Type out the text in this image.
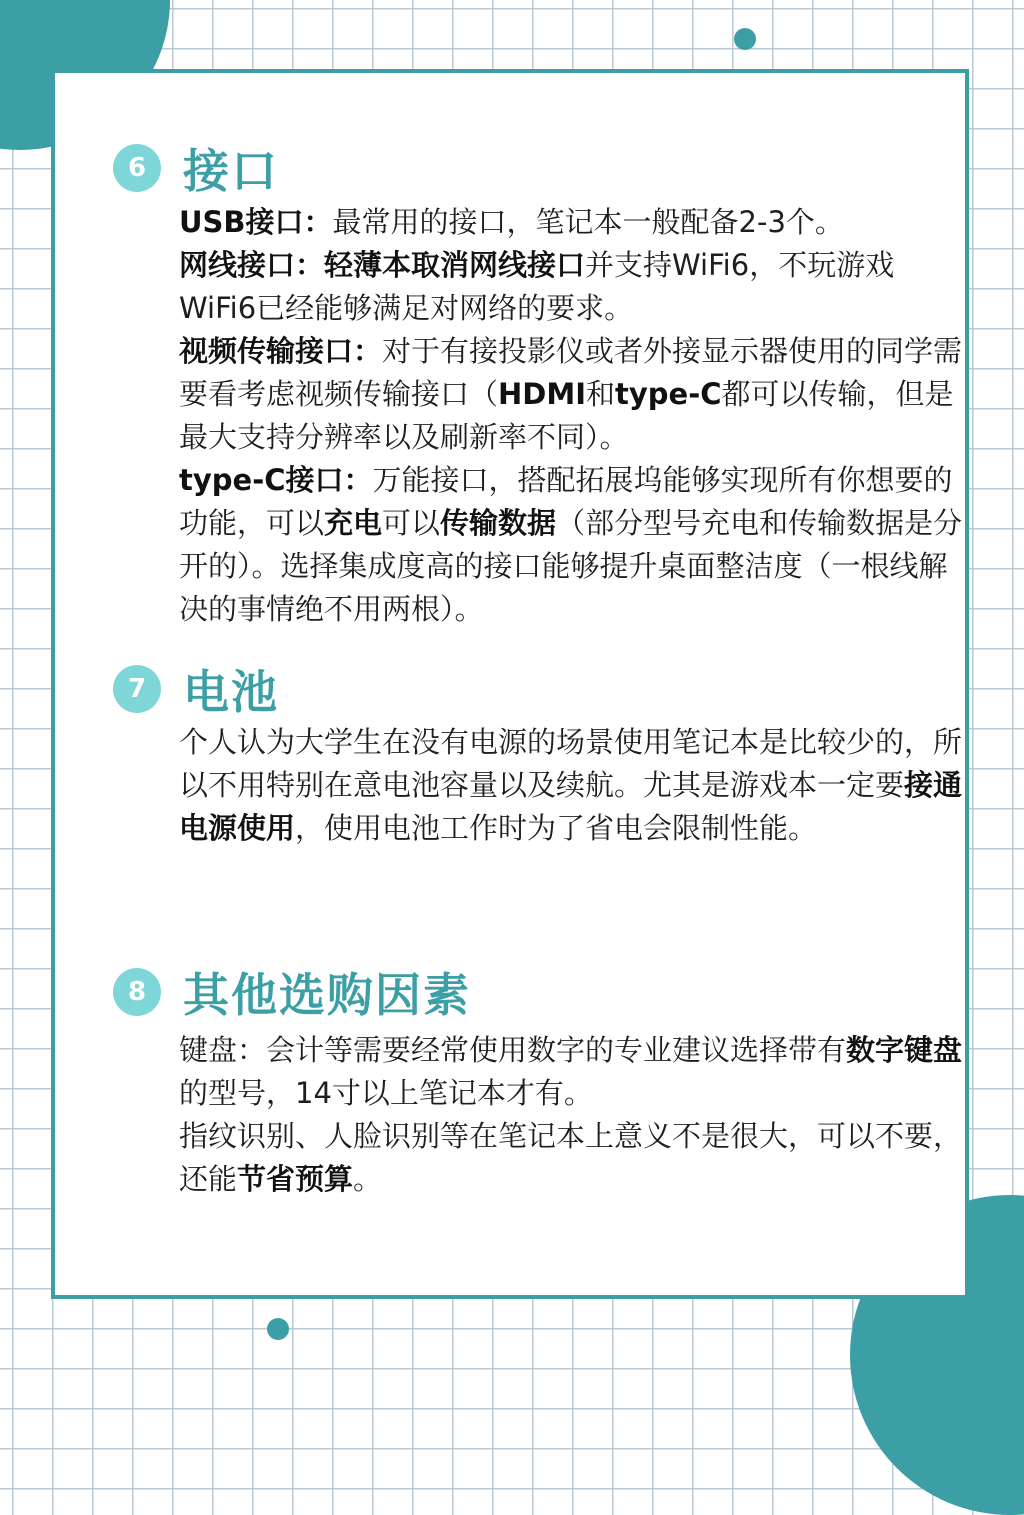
6 接口

USB接口：最常用的接口，笔记本一般配备2-3个。

网线接口：轻薄本取消网线接口并支持WiFi6，不玩游戏WiFi6已经能够满足对网络的要求。

视频传输接口：对于有接投影仪或者外接显示器使用的同学需要看考虑视频传输接口（HDMI和type-C都可以传输，但是最大支持分辨率以及刷新率不同）。

type-C接口：万能接口，搭配拓展坞能够实现所有你想要的功能，可以充电可以传输数据（部分型号充电和传输数据是分开的）。选择集成度高的接口能够提升桌面整洁度（一根线解决的事情绝不用两根）。

7 电池

个人认为大学生在没有电源的场景使用笔记本是比较少的，所以不用特别在意电池容量以及续航。尤其是游戏本一定要接通电源使用，使用电池工作时为了省电会限制性能。

8 其他选购因素

键盘：会计等需要经常使用数字的专业建议选择带有数字键盘的型号，14寸以上笔记本才有。

指纹识别、人脸识别等在笔记本上意义不是很大，可以不要，还能节省预算。
